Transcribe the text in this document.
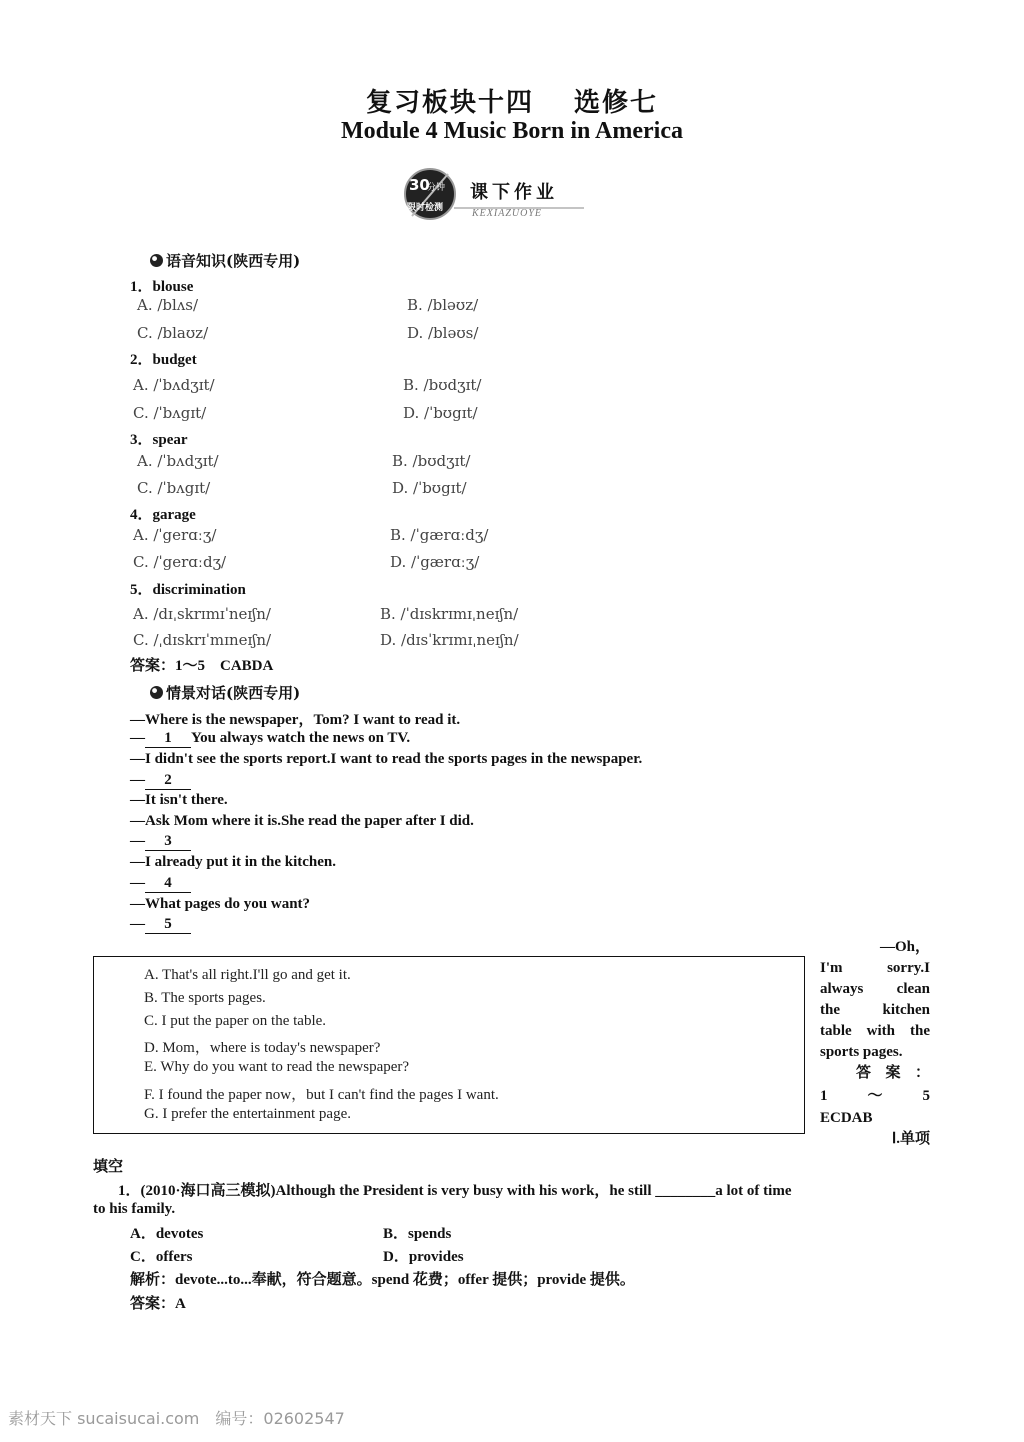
复习板块十四 选修七
Module 4 Music Born in America
30
分钟
限时检测
课下作业
KEXIAZUOYE
语音知识(陕西专用)
1．blouse
A. /blʌs/	B. /bləʊz/
C. /blaʊz/	D. /bləʊs/
2．budget
A. /ˈbʌdʒɪt/	B. /bʊdʒɪt/
C. /ˈbʌgɪt/	D. /ˈbʊgɪt/
3．spear
A. /ˈbʌdʒɪt/	B. /bʊdʒɪt/
C. /ˈbʌgɪt/	D. /ˈbʊgɪt/
4．garage
A. /ˈgerɑːʒ/	B. /ˈgærɑːdʒ/
C. /ˈgerɑːdʒ/	D. /ˈgærɑːʒ/
5．discrimination
A. /dɪˌskrɪmɪˈneɪʃn/	B. /ˈdɪskrɪmɪˌneɪʃn/
C. /ˌdɪskrɪˈmɪneɪʃn/	D. /dɪsˈkrɪmɪˌneɪʃn/
答案：1～5　CABDA
情景对话(陕西专用)
—Where is the newspaper，Tom? I want to read it.
— 1 You always watch the news on TV.
—I didn't see the sports report.I want to read the sports pages in the newspaper.
— 2
—It isn't there.
—Ask Mom where it is.She read the paper after I did.
— 3
—I already put it in the kitchen.
— 4
—What pages do you want?
— 5
A. That's all right.I'll go and get it.
B. The sports pages.
C. I put the paper on the table.
D. Mom，where is today's newspaper?
E. Why do you want to read the newspaper?
F. I found the paper now，but I can't find the pages I want.
G. I prefer the entertainment page.
—Oh，
I'm sorry.I
always clean
the kitchen
table with the
sports pages.
答案：
1～5
ECDAB
Ⅰ.单项
填空
1．(2010·海口高三模拟)Although the President is very busy with his work，he still ________a lot of time
to his family.
A．devotes	B．spends
C．offers	D．provides
解析：devote...to...奉献，符合题意。spend 花费；offer 提供；provide 提供。
答案：A
素材天下 sucaisucai.com　编号：02602547
